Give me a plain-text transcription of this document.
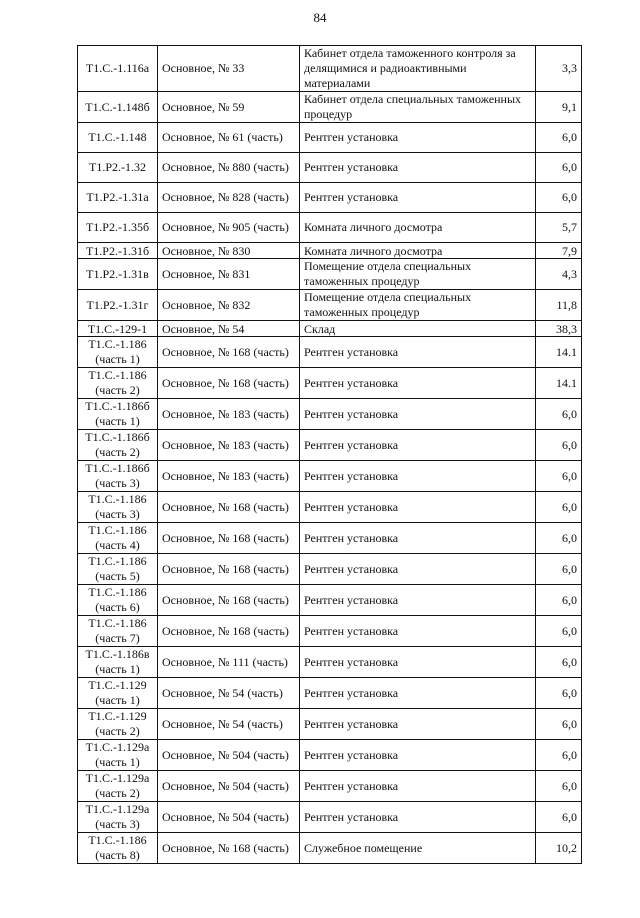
84
Т1.С.-1.116а	Основное, № 33	Кабинет отдела таможенного контроля за делящимися и радиоактивными материалами	3,3
Т1.С.-1.148б	Основное, № 59	Кабинет отдела специальных таможенных процедур	9,1
Т1.С.-1.148	Основное, № 61 (часть)	Рентген установка	6,0
Т1.Р2.-1.32	Основное, № 880 (часть)	Рентген установка	6,0
Т1.Р2.-1.31а	Основное, № 828 (часть)	Рентген установка	6,0
Т1.Р2.-1.35б	Основное, № 905 (часть)	Комната личного досмотра	5,7
Т1.Р2.-1.31б	Основное, № 830	Комната личного досмотра	7,9
Т1.Р2.-1.31в	Основное, № 831	Помещение отдела специальных таможенных процедур	4,3
Т1.Р2.-1.31г	Основное, № 832	Помещение отдела специальных таможенных процедур	11,8
Т1.С.-129-1	Основное, № 54	Склад	38,3
Т1.С.-1.186 (часть 1)	Основное, № 168 (часть)	Рентген установка	14.1
Т1.С.-1.186 (часть 2)	Основное, № 168 (часть)	Рентген установка	14.1
Т1.С.-1.186б (часть 1)	Основное, № 183 (часть)	Рентген установка	6,0
Т1.С.-1.186б (часть 2)	Основное, № 183 (часть)	Рентген установка	6,0
Т1.С.-1.186б (часть 3)	Основное, № 183 (часть)	Рентген установка	6,0
Т1.С.-1.186 (часть 3)	Основное, № 168 (часть)	Рентген установка	6,0
Т1.С.-1.186 (часть 4)	Основное, № 168 (часть)	Рентген установка	6,0
Т1.С.-1.186 (часть 5)	Основное, № 168 (часть)	Рентген установка	6,0
Т1.С.-1.186 (часть 6)	Основное, № 168 (часть)	Рентген установка	6,0
Т1.С.-1.186 (часть 7)	Основное, № 168 (часть)	Рентген установка	6,0
Т1.С.-1.186в (часть 1)	Основное, № 111 (часть)	Рентген установка	6,0
Т1.С.-1.129 (часть 1)	Основное, № 54 (часть)	Рентген установка	6,0
Т1.С.-1.129 (часть 2)	Основное, № 54 (часть)	Рентген установка	6,0
Т1.С.-1.129а (часть 1)	Основное, № 504 (часть)	Рентген установка	6,0
Т1.С.-1.129а (часть 2)	Основное, № 504 (часть)	Рентген установка	6,0
Т1.С.-1.129а (часть 3)	Основное, № 504 (часть)	Рентген установка	6,0
Т1.С.-1.186 (часть 8)	Основное, № 168 (часть)	Служебное помещение	10,2
